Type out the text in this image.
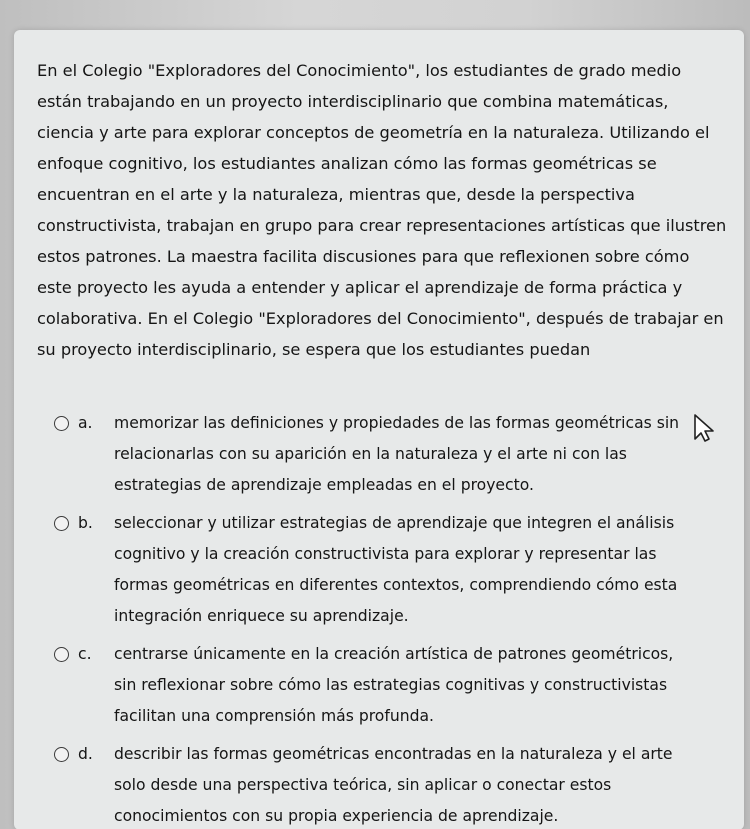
En el Colegio "Exploradores del Conocimiento", los estudiantes de grado medio están trabajando en un proyecto interdisciplinario que combina matemáticas, ciencia y arte para explorar conceptos de geometría en la naturaleza. Utilizando el enfoque cognitivo, los estudiantes analizan cómo las formas geométricas se encuentran en el arte y la naturaleza, mientras que, desde la perspectiva constructivista, trabajan en grupo para crear representaciones artísticas que ilustren estos patrones. La maestra facilita discusiones para que reflexionen sobre cómo este proyecto les ayuda a entender y aplicar el aprendizaje de forma práctica y colaborativa. En el Colegio "Exploradores del Conocimiento", después de trabajar en su proyecto interdisciplinario, se espera que los estudiantes puedan

a.	memorizar las definiciones y propiedades de las formas geométricas sin relacionarlas con su aparición en la naturaleza y el arte ni con las estrategias de aprendizaje empleadas en el proyecto.
b.	seleccionar y utilizar estrategias de aprendizaje que integren el análisis cognitivo y la creación constructivista para explorar y representar las formas geométricas en diferentes contextos, comprendiendo cómo esta integración enriquece su aprendizaje.
c.	centrarse únicamente en la creación artística de patrones geométricos, sin reflexionar sobre cómo las estrategias cognitivas y constructivistas facilitan una comprensión más profunda.
d.	describir las formas geométricas encontradas en la naturaleza y el arte solo desde una perspectiva teórica, sin aplicar o conectar estos conocimientos con su propia experiencia de aprendizaje.
